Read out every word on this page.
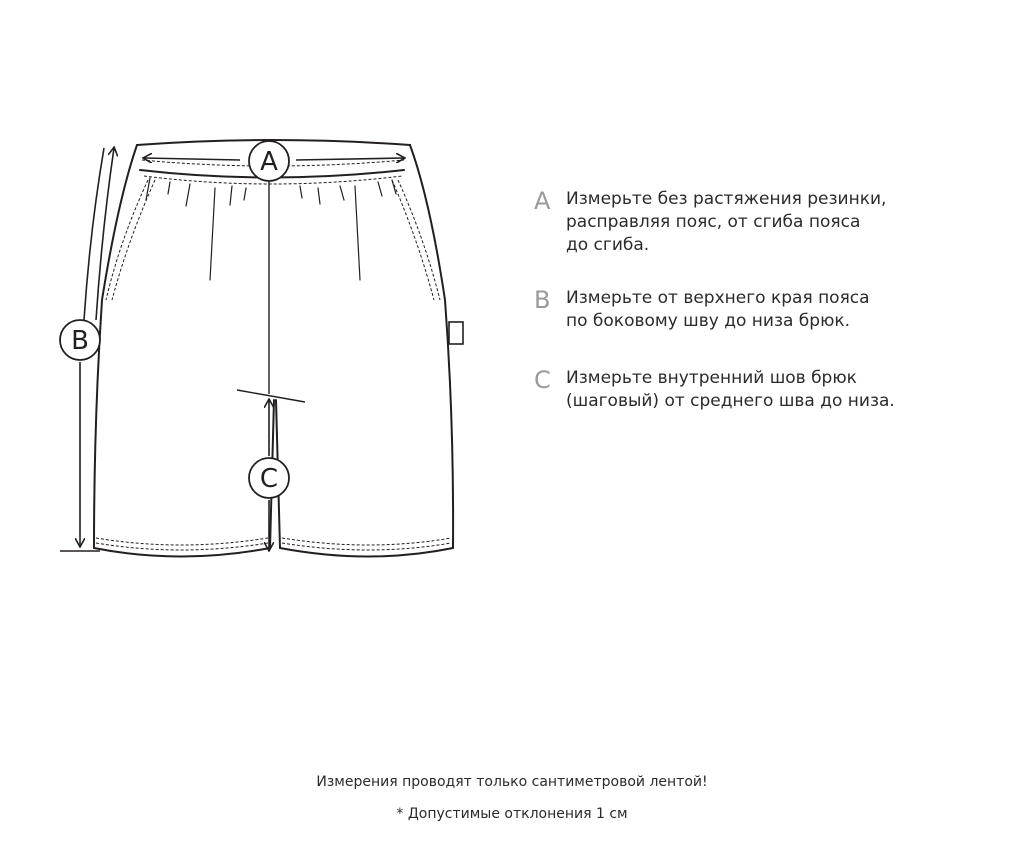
A
B
C
A Измерьте без растяжения резинки,
расправляя пояс, от сгиба пояса
до сгиба.
B Измерьте от верхнего края пояса
по боковому шву до низа брюк.
C Измерьте внутренний шов брюк
(шаговый) от среднего шва до низа.
Измерения проводят только сантиметровой лентой!
* Допустимые отклонения 1 см
